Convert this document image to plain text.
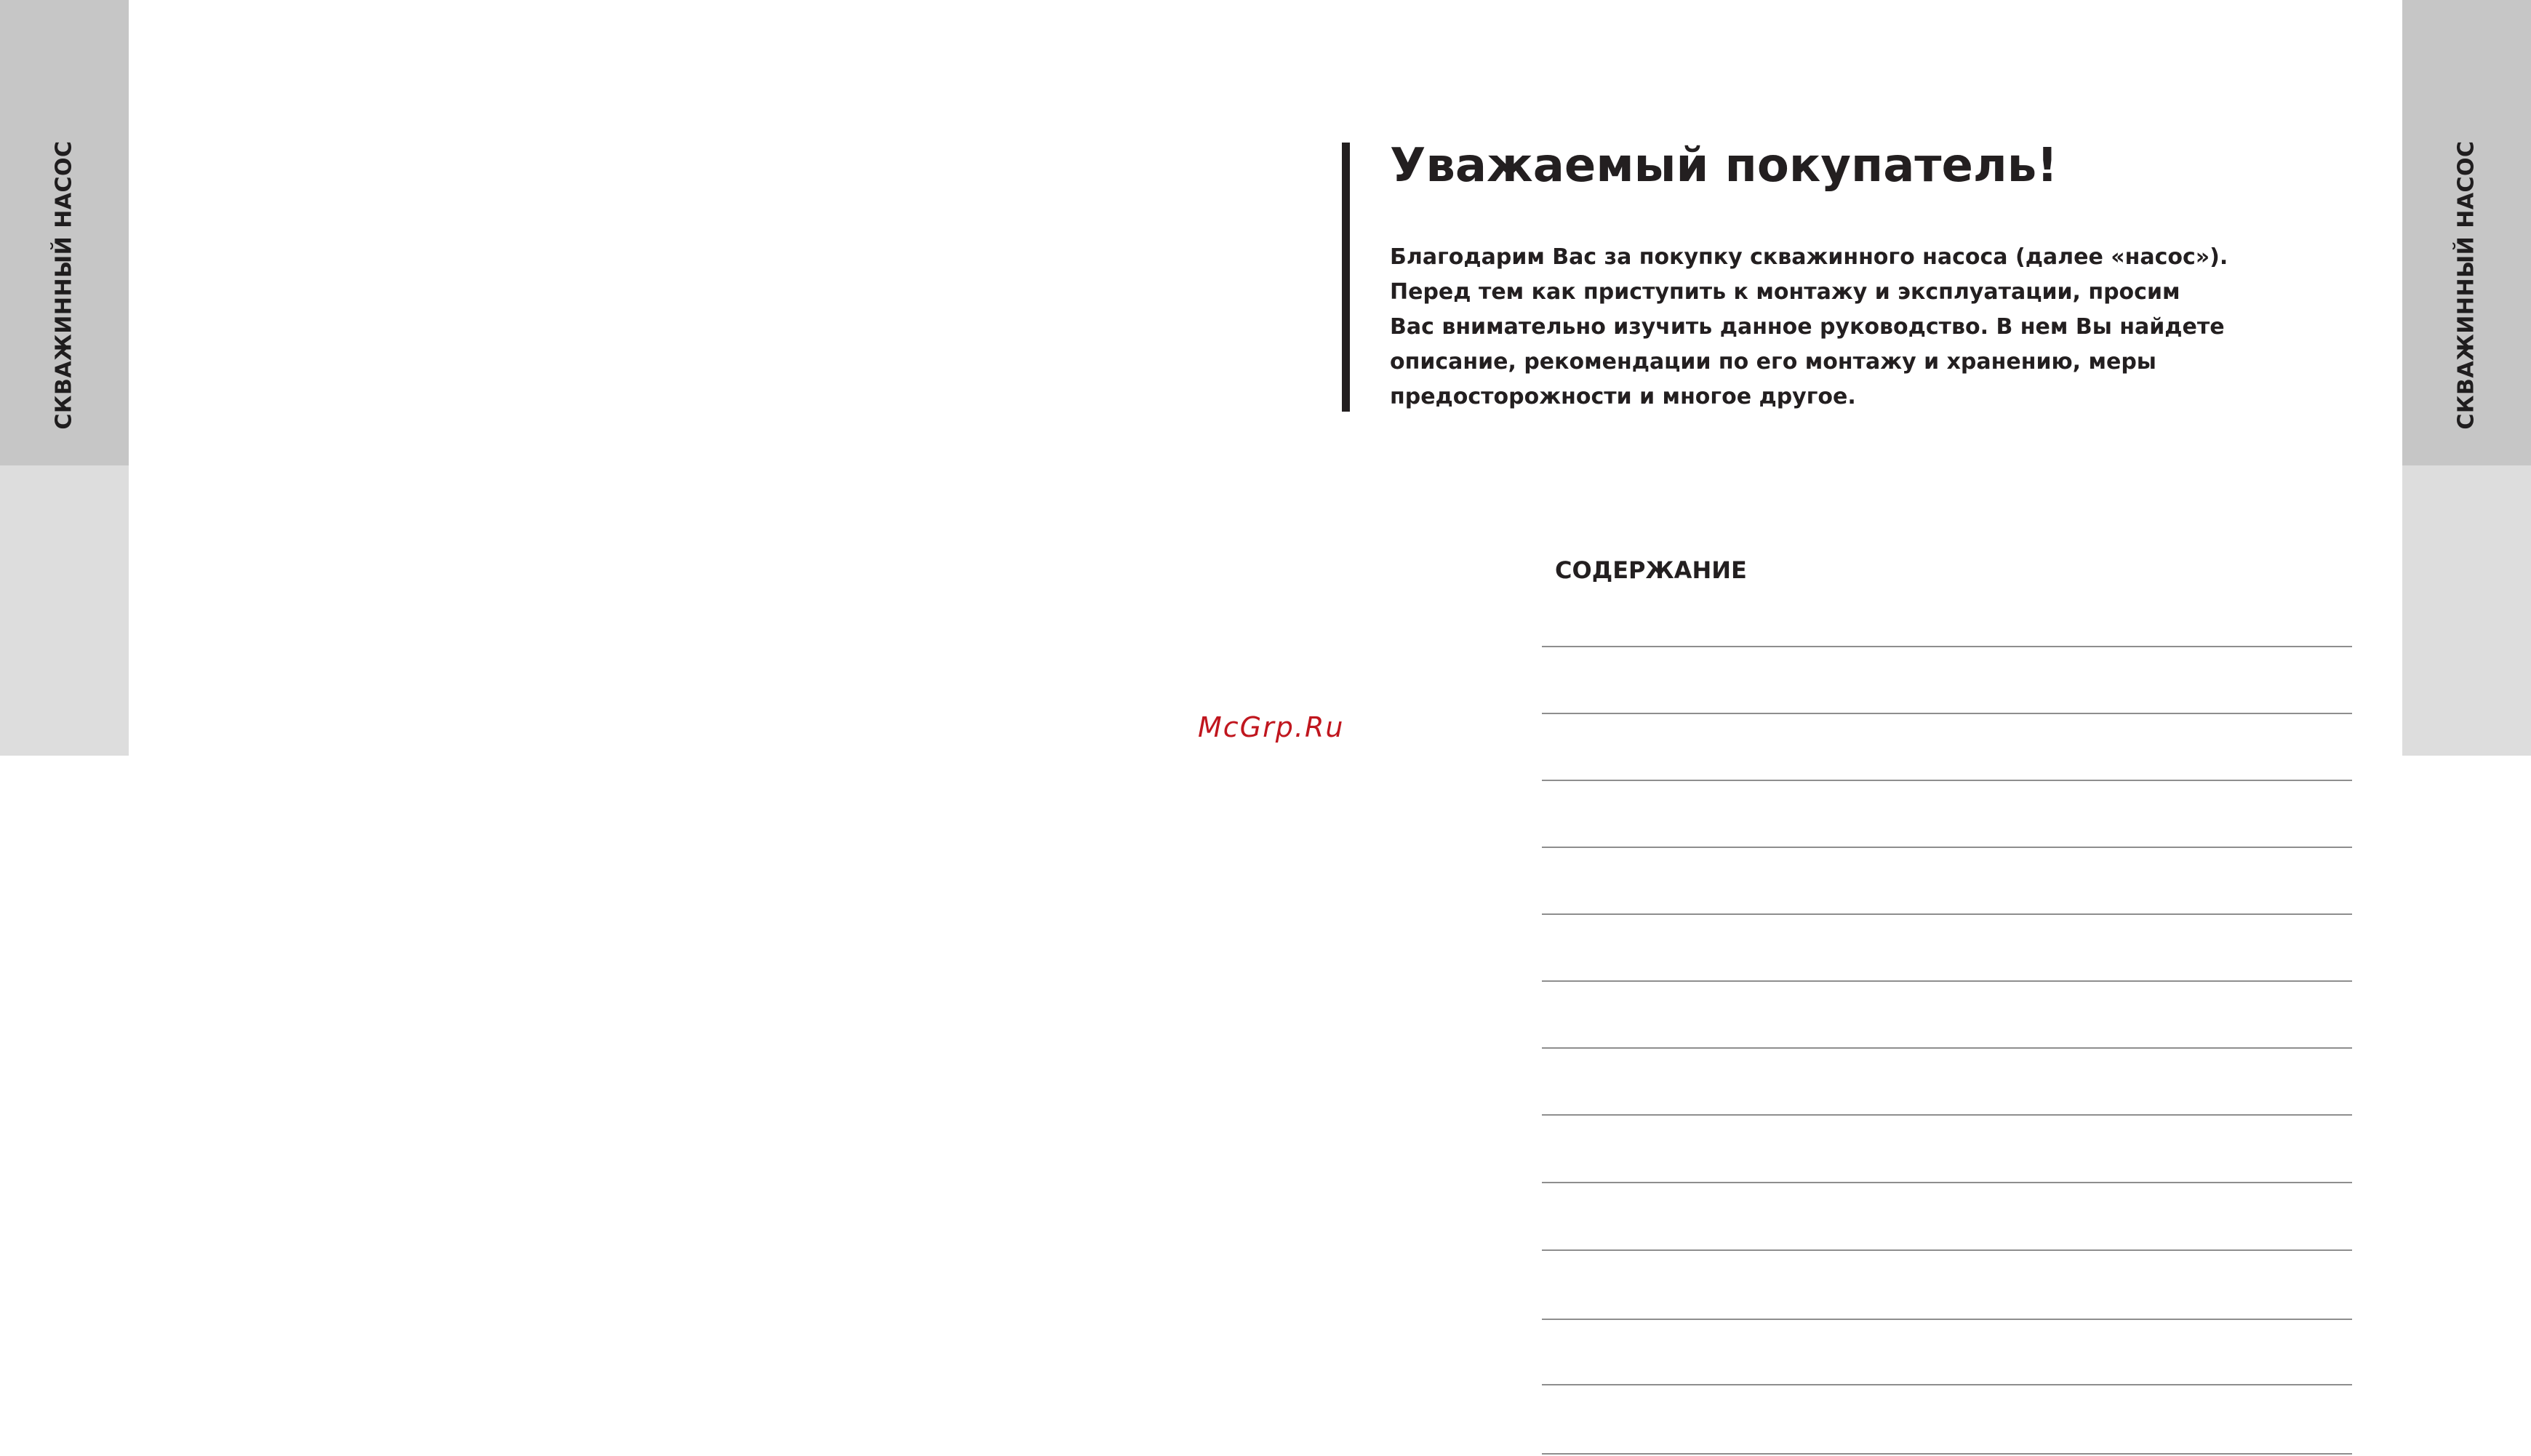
СКВАЖИННЫЙ НАСОС	СКВАЖИННЫЙ НАСОС
Уважаемый покупатель!

Благодарим Вас за покупку скважинного насоса (далее «насос»).
Перед тем как приступить к монтажу и эксплуатации, просим
Вас внимательно изучить данное руководство. В нем Вы найдете
описание, рекомендации по его монтажу и хранению, меры
предосторожности и многое другое.

McGrp.Ru
СОДЕРЖАНИЕ
